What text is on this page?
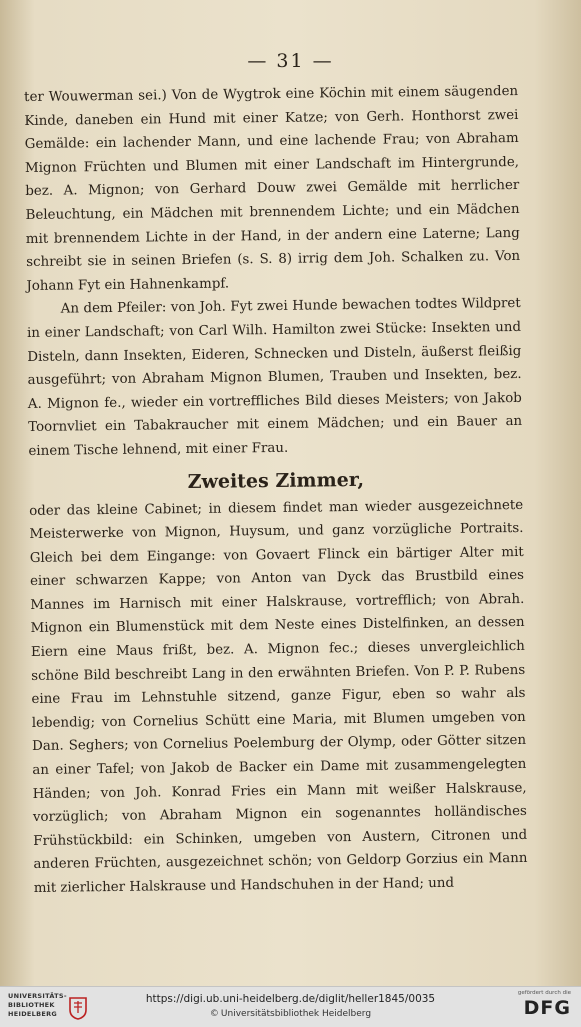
— 31 —

ter Wouwerman sei.) Von de Wygtrok eine Köchin mit einem säugenden Kinde, daneben ein Hund mit einer Katze; von Gerh. Honthorst zwei Gemälde: ein lachender Mann, und eine lachende Frau; von Abraham Mignon Früchten und Blumen mit einer Landschaft im Hintergrunde, bez. A. Mignon; von Gerhard Douw zwei Gemälde mit herrlicher Beleuchtung, ein Mädchen mit brennendem Lichte; und ein Mädchen mit brennendem Lichte in der Hand, in der andern eine Laterne; Lang schreibt sie in seinen Briefen (s. S. 8) irrig dem Joh. Schalken zu. Von Johann Fyt ein Hahnenkampf.

An dem Pfeiler: von Joh. Fyt zwei Hunde bewachen todtes Wildpret in einer Landschaft; von Carl Wilh. Hamilton zwei Stücke: Insekten und Disteln, dann Insekten, Eideren, Schnecken und Disteln, äußerst fleißig ausgeführt; von Abraham Mignon Blumen, Trauben und Insekten, bez. A. Mignon fe., wieder ein vortreffliches Bild dieses Meisters; von Jakob Toornvliet ein Tabakraucher mit einem Mädchen; und ein Bauer an einem Tische lehnend, mit einer Frau.

Zweites Zimmer,

oder das kleine Cabinet; in diesem findet man wieder ausgezeichnete Meisterwerke von Mignon, Huysum, und ganz vorzügliche Portraits. Gleich bei dem Eingange: von Govaert Flinck ein bärtiger Alter mit einer schwarzen Kappe; von Anton van Dyck das Brustbild eines Mannes im Harnisch mit einer Halskrause, vortrefflich; von Abrah. Mignon ein Blumenstück mit dem Neste eines Distelfinken, an dessen Eiern eine Maus frißt, bez. A. Mignon fec.; dieses unvergleichlich schöne Bild beschreibt Lang in den erwähnten Briefen. Von P. P. Rubens eine Frau im Lehnstuhle sitzend, ganze Figur, eben so wahr als lebendig; von Cornelius Schütt eine Maria, mit Blumen umgeben von Dan. Seghers; von Cornelius Poelemburg der Olymp, oder Götter sitzen an einer Tafel; von Jakob de Backer ein Dame mit zusammengelegten Händen; von Joh. Konrad Fries ein Mann mit weißer Halskrause, vorzüglich; von Abraham Mignon ein sogenanntes holländisches Frühstückbild: ein Schinken, umgeben von Austern, Citronen und anderen Früchten, ausgezeichnet schön; von Geldorp Gorzius ein Mann mit zierlicher Halskrause und Handschuhen in der Hand; und

UNIVERSITÄTS-
BIBLIOTHEK
HEIDELBERG
https://digi.ub.uni-heidelberg.de/diglit/heller1845/0035
© Universitätsbibliothek Heidelberg
gefördert durch die
DFG
